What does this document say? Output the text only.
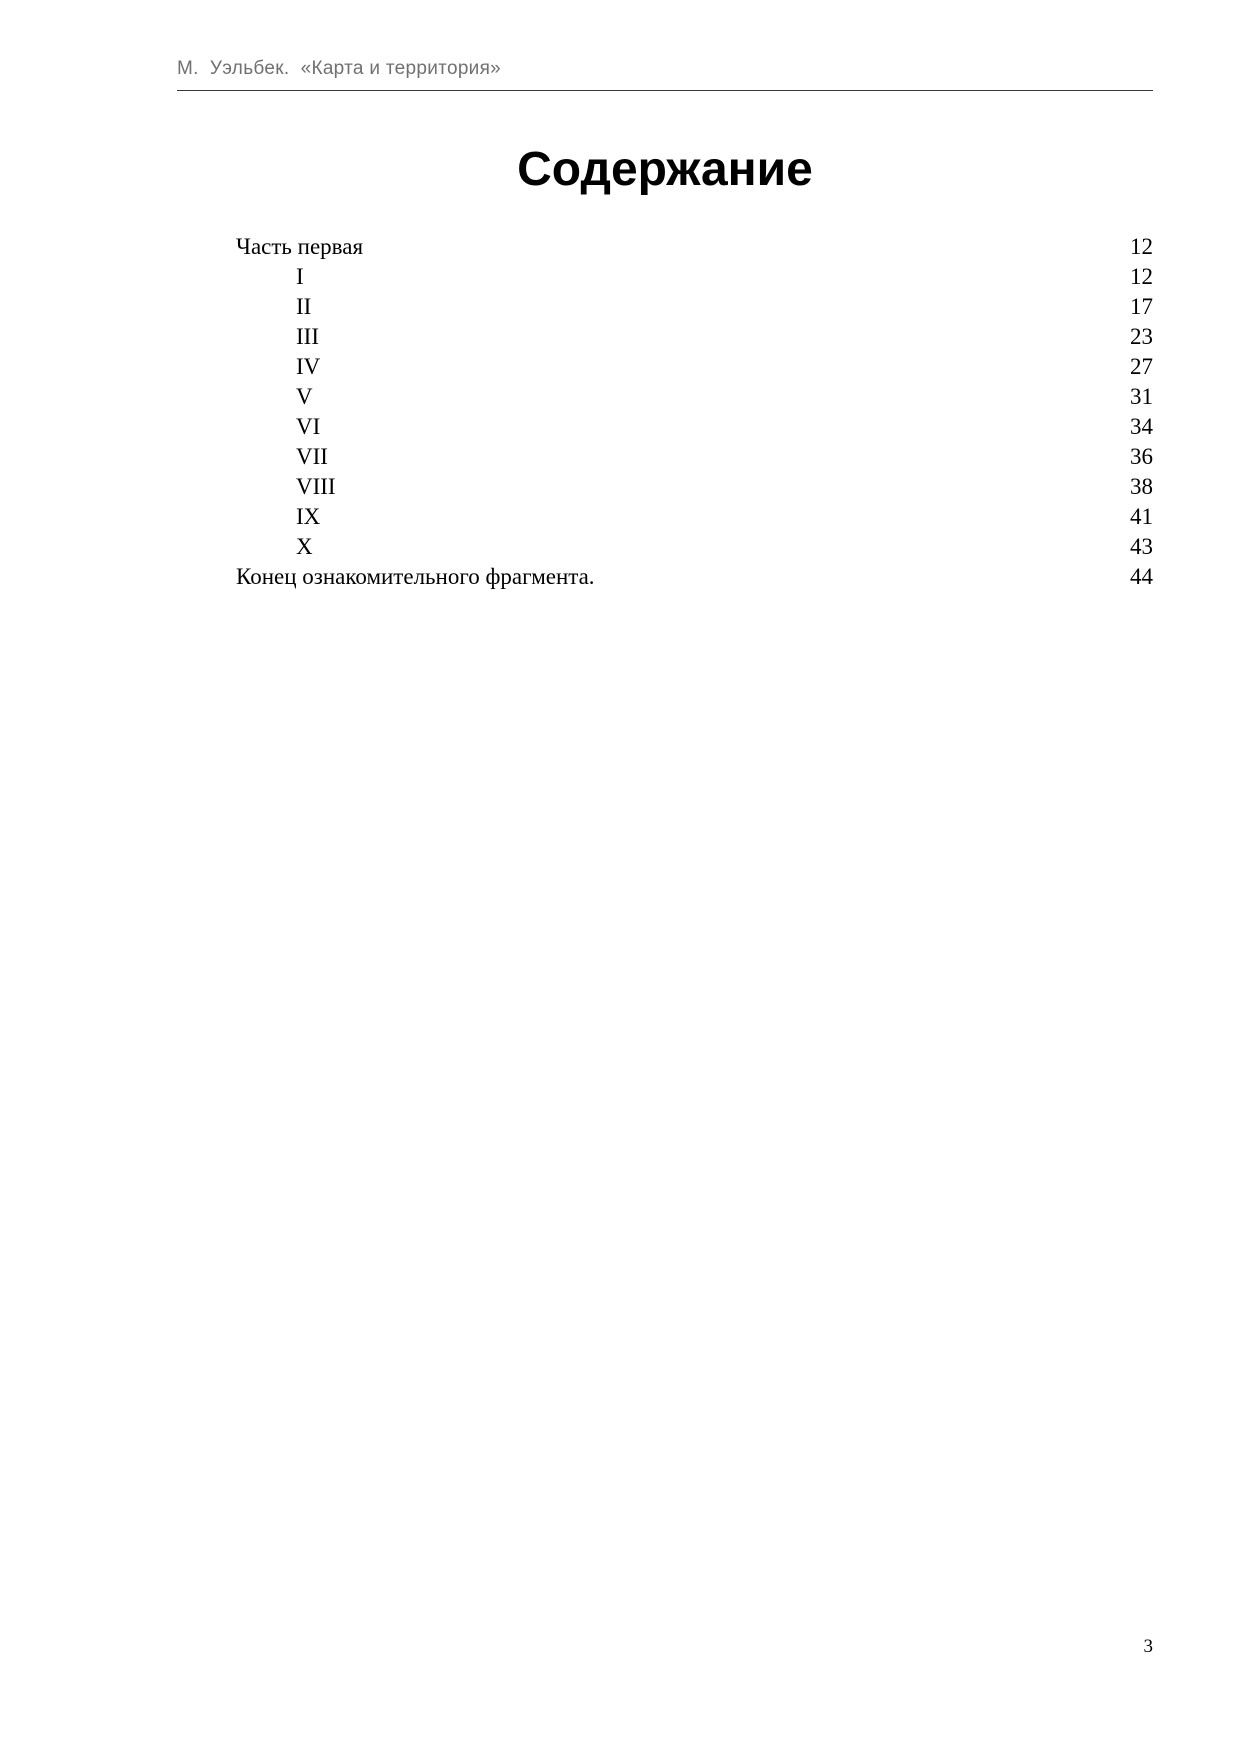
М.  Уэльбек.  «Карта и территория»
Содержание
Часть первая	12
I	12
II	17
III	23
IV	27
V	31
VI	34
VII	36
VIII	38
IX	41
X	43
Конец ознакомительного фрагмента.	44
3
